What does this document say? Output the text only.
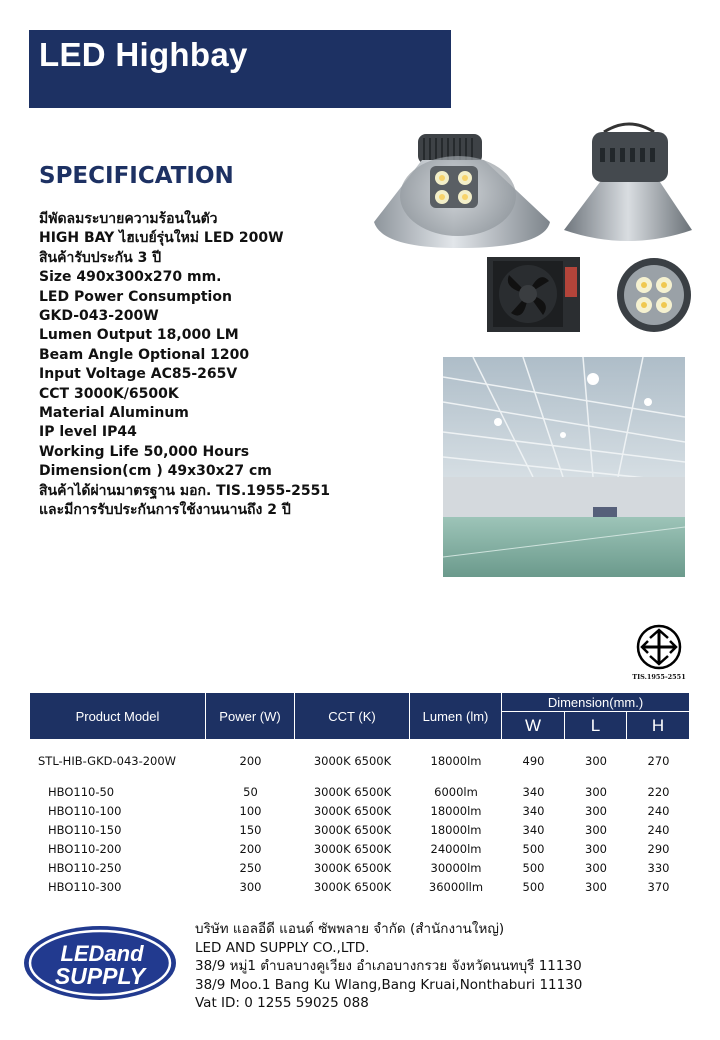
LED Highbay
SPECIFICATION
มีพัดลมระบายความร้อนในตัว
HIGH BAY ไฮเบย์รุ่นใหม่ LED 200W
สินค้ารับประกัน 3 ปี
Size 490x300x270 mm.
LED Power Consumption
GKD-043-200W
Lumen Output 18,000 LM
Beam Angle Optional 1200
Input Voltage AC85-265V
CCT 3000K/6500K
Material Aluminum
IP level IP44
Working Life 50,000 Hours
Dimension(cm ) 49x30x27 cm
สินค้าได้ผ่านมาตรฐาน มอก. TIS.1955-2551
และมีการรับประกันการใช้งานนานถึง 2 ปี
TIS.1955-2551
Product Model	Power (W)	CCT (K)	Lumen (lm)	Dimension(mm.)		
				W	L	H
STL-HIB-GKD-043-200W	200	3000K 6500K	18000lm	490	300	270
HBO110-50	50	3000K 6500K	6000lm	340	300	220
HBO110-100	100	3000K 6500K	18000lm	340	300	240
HBO110-150	150	3000K 6500K	18000lm	340	300	240
HBO110-200	200	3000K 6500K	24000lm	500	300	290
HBO110-250	250	3000K 6500K	30000lm	500	300	330
HBO110-300	300	3000K 6500K	36000llm	500	300	370
LEDand
SUPPLY
บริษัท แอลอีดี แอนด์ ซัพพลาย จำกัด (สำนักงานใหญ่)
LED AND SUPPLY CO.,LTD.
38/9 หมู่1 ตำบลบางคูเวียง อำเภอบางกรวย จังหวัดนนทบุรี 11130
38/9 Moo.1 Bang Ku Wlang,Bang Kruai,Nonthaburi 11130
Vat ID: 0 1255 59025 088
